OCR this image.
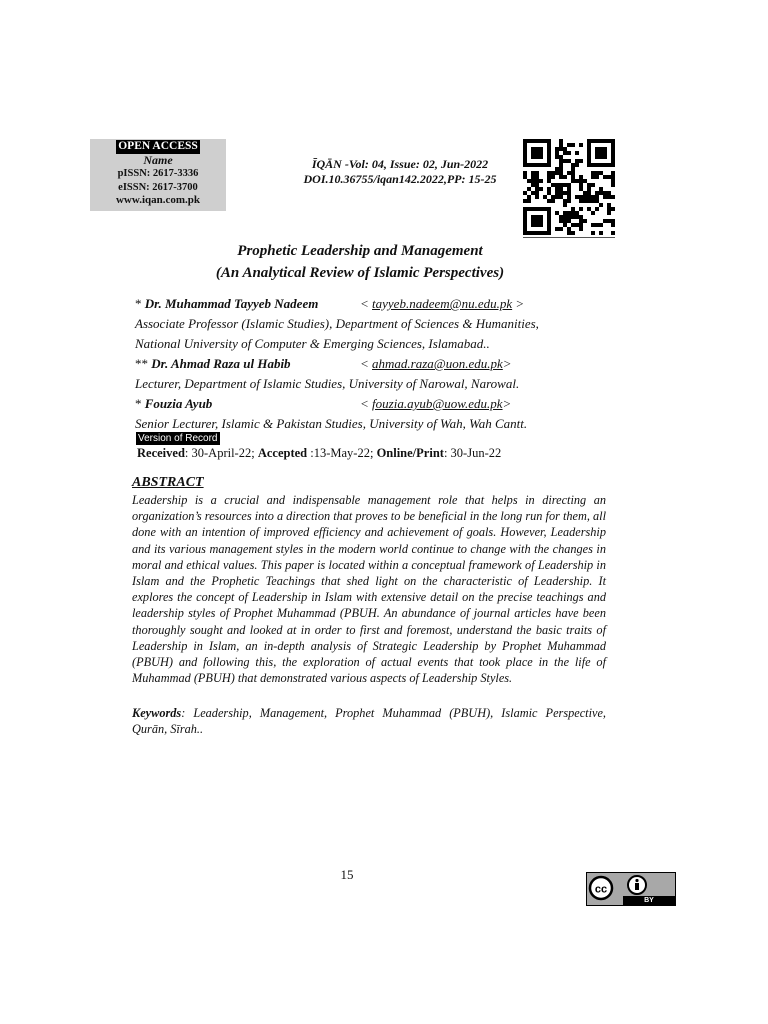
OPEN ACCESS
Name
pISSN: 2617-3336
eISSN: 2617-3700
www.iqan.com.pk
ĪQĀN -Vol: 04, Issue: 02, Jun-2022
DOI.10.36755/iqan142.2022,PP: 15-25
Prophetic Leadership and Management
(An Analytical Review of Islamic Perspectives)
* Dr. Muhammad Tayyeb Nadeem	< tayyeb.nadeem@nu.edu.pk >
Associate Professor (Islamic Studies), Department of Sciences & Humanities,
National University of Computer & Emerging Sciences, Islamabad..
** Dr. Ahmad Raza ul Habib	< ahmad.raza@uon.edu.pk>
Lecturer, Department of Islamic Studies, University of Narowal, Narowal.
* Fouzia Ayub	< fouzia.ayub@uow.edu.pk>
Senior Lecturer, Islamic & Pakistan Studies, University of Wah, Wah Cantt.
Version of Record
Received: 30-April-22; Accepted :13-May-22; Online/Print: 30-Jun-22
ABSTRACT
Leadership is a crucial and indispensable management role that helps in directing an organization’s resources into a direction that proves to be beneficial in the long run for them, all done with an intention of improved efficiency and achievement of goals. However, Leadership and its various management styles in the modern world continue to change with the changes in moral and ethical values. This paper is located within a conceptual framework of Leadership in Islam and the Prophetic Teachings that shed light on the characteristic of Leadership. It explores the concept of Leadership in Islam with extensive detail on the precise teachings and leadership styles of Prophet Muhammad (PBUH. An abundance of journal articles have been thoroughly sought and looked at in order to first and foremost, understand the basic traits of Leadership in Islam, an in-depth analysis of Strategic Leadership by Prophet Muhammad (PBUH) and following this, the exploration of actual events that took place in the life of Muhammad (PBUH) that demonstrated various aspects of Leadership Styles.
Keywords: Leadership, Management, Prophet Muhammad (PBUH), Islamic Perspective, Qurān, Sīrah..
15
cc
BY
